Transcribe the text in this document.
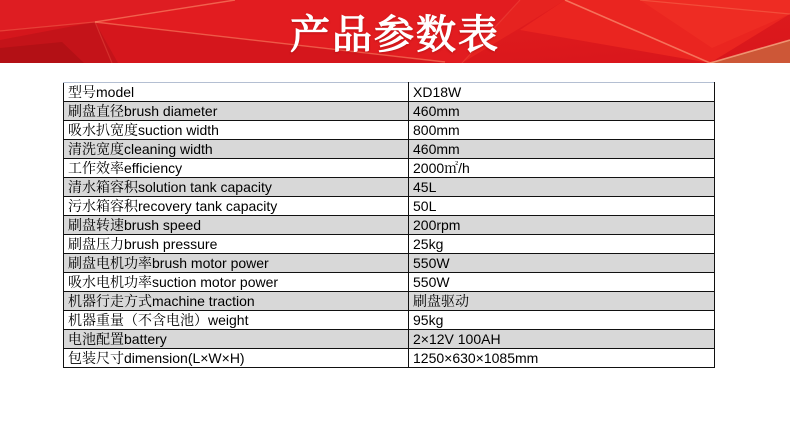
产品参数表
型号model	XD18W
刷盘直径brush diameter	460mm
吸水扒宽度suction width	800mm
清洗宽度cleaning width	460mm
工作效率efficiency	2000㎡/h
清水箱容积solution tank capacity	45L
污水箱容积recovery tank capacity	50L
刷盘转速brush speed	200rpm
刷盘压力brush pressure	25kg
刷盘电机功率brush motor power	550W
吸水电机功率suction motor power	550W
机器行走方式machine traction	刷盘驱动
机器重量（不含电池）weight	95kg
电池配置battery	2×12V 100AH
包装尺寸dimension(L×W×H)	1250×630×1085mm
